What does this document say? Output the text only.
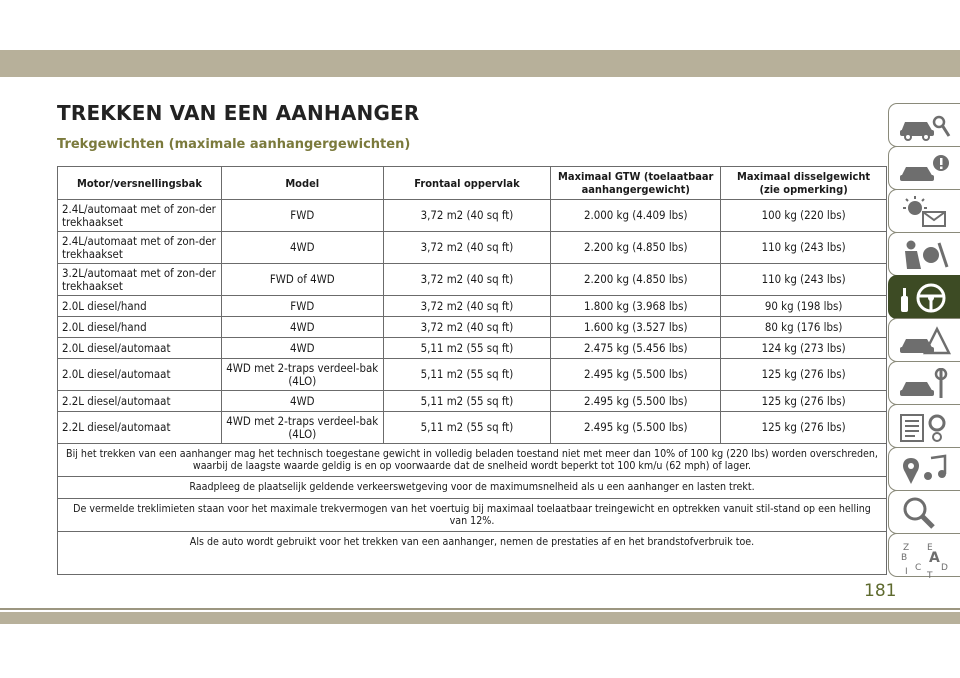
TREKKEN VAN EEN AANHANGER
Trekgewichten (maximale aanhangergewichten)
Motor/versnellingsbak	Model	Frontaal oppervlak	Maximaal GTW (toelaatbaar aanhangergewicht)	Maximaal disselgewicht (zie opmerking)
2.4L/automaat met of zon-der trekhaakset	FWD	3,72 m2 (40 sq ft)	2.000 kg (4.409 lbs)	100 kg (220 lbs)
2.4L/automaat met of zon-der trekhaakset	4WD	3,72 m2 (40 sq ft)	2.200 kg (4.850 lbs)	110 kg (243 lbs)
3.2L/automaat met of zon-der trekhaakset	FWD of 4WD	3,72 m2 (40 sq ft)	2.200 kg (4.850 lbs)	110 kg (243 lbs)
2.0L diesel/hand	FWD	3,72 m2 (40 sq ft)	1.800 kg (3.968 lbs)	90 kg (198 lbs)
2.0L diesel/hand	4WD	3,72 m2 (40 sq ft)	1.600 kg (3.527 lbs)	80 kg (176 lbs)
2.0L diesel/automaat	4WD	5,11 m2 (55 sq ft)	2.475 kg (5.456 lbs)	124 kg (273 lbs)
2.0L diesel/automaat	4WD met 2-traps verdeel-bak (4LO)	5,11 m2 (55 sq ft)	2.495 kg (5.500 lbs)	125 kg (276 lbs)
2.2L diesel/automaat	4WD	5,11 m2 (55 sq ft)	2.495 kg (5.500 lbs)	125 kg (276 lbs)
2.2L diesel/automaat	4WD met 2-traps verdeel-bak (4LO)	5,11 m2 (55 sq ft)	2.495 kg (5.500 lbs)	125 kg (276 lbs)
Bij het trekken van een aanhanger mag het technisch toegestane gewicht in volledig beladen toestand niet met meer dan 10% of 100 kg (220 lbs) worden overschreden, waarbij de laagste waarde geldig is en op voorwaarde dat de snelheid wordt beperkt tot 100 km/u (62 mph) of lager.				
Raadpleeg de plaatselijk geldende verkeerswetgeving voor de maximumsnelheid als u een aanhanger en lasten trekt.				
De vermelde treklimieten staan voor het maximale trekvermogen van het voertuig bij maximaal toelaatbaar treingewicht en optrekken vanuit stil-stand op een helling van 12%.				
Als de auto wordt gebruikt voor het trekken van een aanhanger, nemen de prestaties af en het brandstofverbruik toe.					Z E
B A
C D
T
I
181
